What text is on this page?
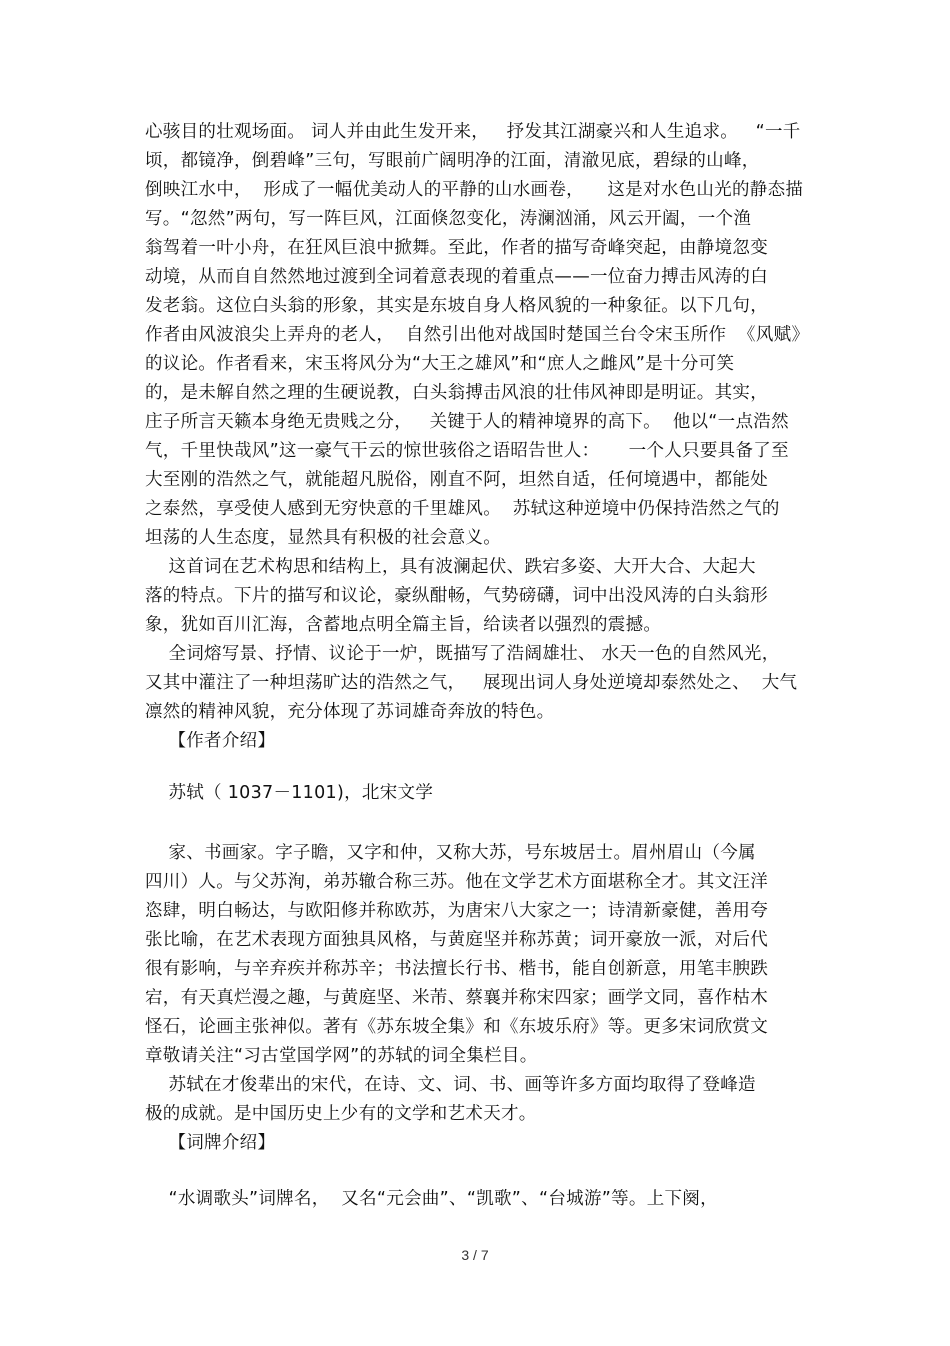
心骇目的壮观场面。 词人并由此生发开来，   抒发其江湖豪兴和人生追求。   “一千
顷，都镜净，倒碧峰”三句，写眼前广阔明净的江面，清澈见底，碧绿的山峰，
倒映江水中，  形成了一幅优美动人的平静的山水画卷，    这是对水色山光的静态描
写。“忽然”两句，写一阵巨风，江面倏忽变化，涛澜汹涌，风云开阖，一个渔
翁驾着一叶小舟，在狂风巨浪中掀舞。至此，作者的描写奇峰突起，由静境忽变
动境，从而自自然然地过渡到全词着意表现的着重点——一位奋力搏击风涛的白
发老翁。这位白头翁的形象，其实是东坡自身人格风貌的一种象征。以下几句，
作者由风波浪尖上弄舟的老人，  自然引出他对战国时楚国兰台令宋玉所作  《风赋》
的议论。作者看来，宋玉将风分为“大王之雄风”和“庶人之雌风”是十分可笑
的，是未解自然之理的生硬说教，白头翁搏击风浪的壮伟风神即是明证。其实，
庄子所言天籁本身绝无贵贱之分，   关键于人的精神境界的高下。  他以“一点浩然
气，千里快哉风”这一豪气干云的惊世骇俗之语昭告世人：     一个人只要具备了至
大至刚的浩然之气，就能超凡脱俗，刚直不阿，坦然自适，任何境遇中，都能处
之泰然，享受使人感到无穷快意的千里雄风。  苏轼这种逆境中仍保持浩然之气的
坦荡的人生态度，显然具有积极的社会意义。
这首词在艺术构思和结构上，具有波澜起伏、跌宕多姿、大开大合、大起大
落的特点。下片的描写和议论，豪纵酣畅，气势磅礴，词中出没风涛的白头翁形
象，犹如百川汇海，含蓄地点明全篇主旨，给读者以强烈的震撼。
全词熔写景、抒情、议论于一炉，既描写了浩阔雄壮、 水天一色的自然风光，
又其中灌注了一种坦荡旷达的浩然之气，   展现出词人身处逆境却泰然处之、  大气
凛然的精神风貌，充分体现了苏词雄奇奔放的特色。
【作者介绍】
苏轼（ 1037－1101)，北宋文学
家、书画家。字子瞻，又字和仲，又称大苏，号东坡居士。眉州眉山（今属
四川）人。与父苏洵，弟苏辙合称三苏。他在文学艺术方面堪称全才。其文汪洋
恣肆，明白畅达，与欧阳修并称欧苏，为唐宋八大家之一；诗清新豪健，善用夸
张比喻，在艺术表现方面独具风格，与黄庭坚并称苏黄；词开豪放一派，对后代
很有影响，与辛弃疾并称苏辛；书法擅长行书、楷书，能自创新意，用笔丰腴跌
宕，有天真烂漫之趣，与黄庭坚、米芾、蔡襄并称宋四家；画学文同，喜作枯木
怪石，论画主张神似。著有《苏东坡全集》和《东坡乐府》等。更多宋词欣赏文
章敬请关注“习古堂国学网”的苏轼的词全集栏目。
苏轼在才俊辈出的宋代，在诗、文、词、书、画等许多方面均取得了登峰造
极的成就。是中国历史上少有的文学和艺术天才。
【词牌介绍】
“水调歌头”词牌名，  又名“元会曲”、“凯歌”、“台城游”等。上下阕，
3 / 7
